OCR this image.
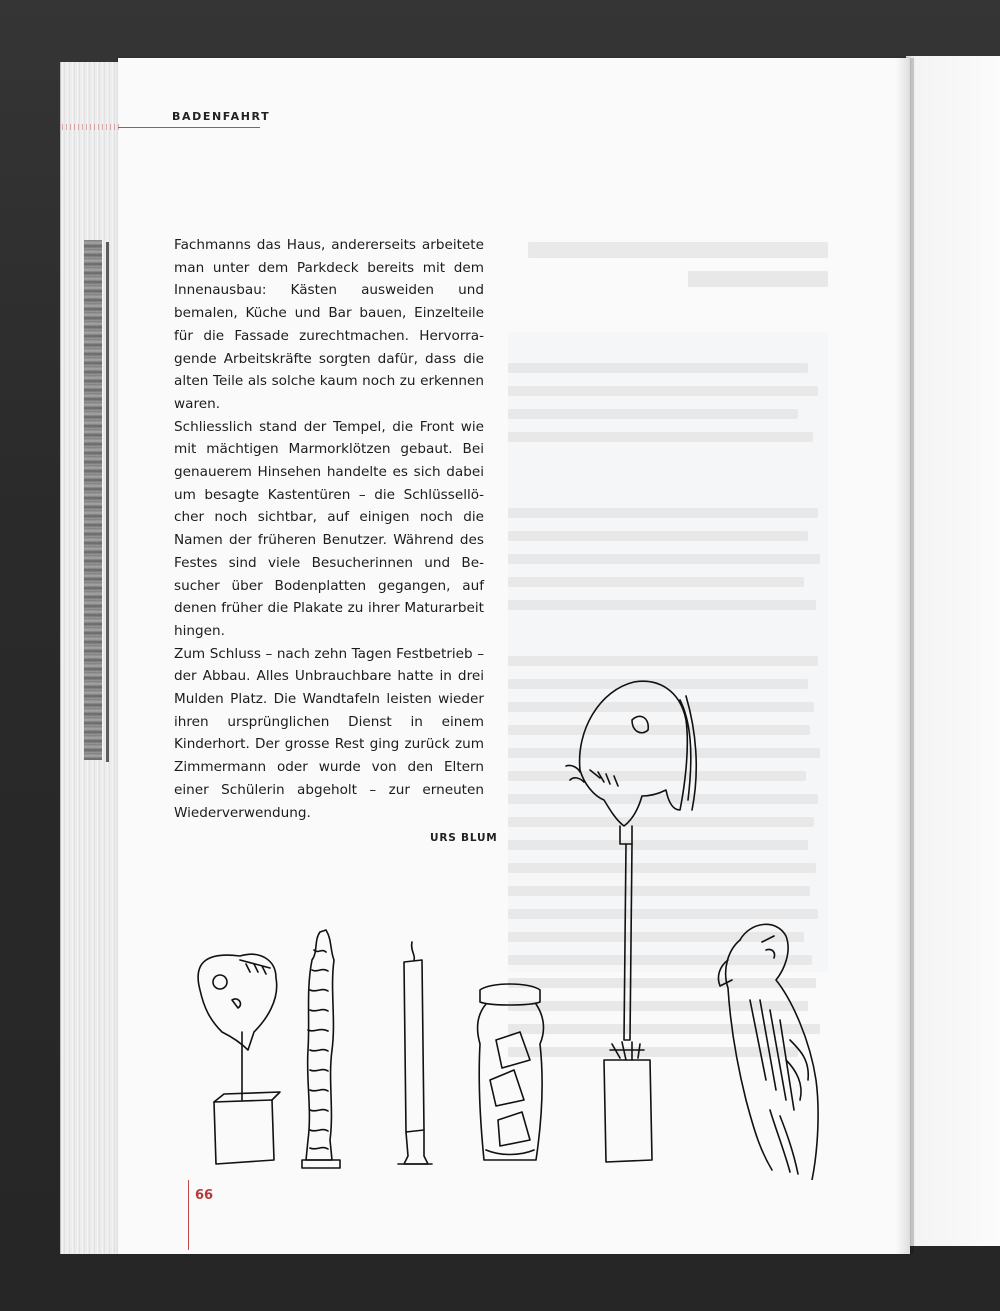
BADENFAHRT

Fachmanns das Haus, andererseits arbeitete man unter dem Parkdeck bereits mit dem Innenausbau: Kästen ausweiden und bemalen, Küche und Bar bauen, Einzelteile für die Fassade zurechtmachen. Hervorragende Arbeitskräfte sorgten dafür, dass die alten Teile als solche kaum noch zu erkennen waren.

Schliesslich stand der Tempel, die Front wie mit mächtigen Marmorklötzen gebaut. Bei genauerem Hinsehen handelte es sich dabei um besagte Kastentüren – die Schlüssellöcher noch sichtbar, auf einigen noch die Namen der früheren Benutzer. Während des Festes sind viele Besucherinnen und Besucher über Bodenplatten gegangen, auf denen früher die Plakate zu ihrer Maturarbeit hingen.

Zum Schluss – nach zehn Tagen Festbetrieb – der Abbau. Alles Unbrauchbare hatte in drei Mulden Platz. Die Wandtafeln leisten wieder ihren ursprünglichen Dienst in einem Kinderhort. Der grosse Rest ging zurück zum Zimmermann oder wurde von den Eltern einer Schülerin abgeholt – zur erneuten Wiederverwendung.

URS BLUM
66
